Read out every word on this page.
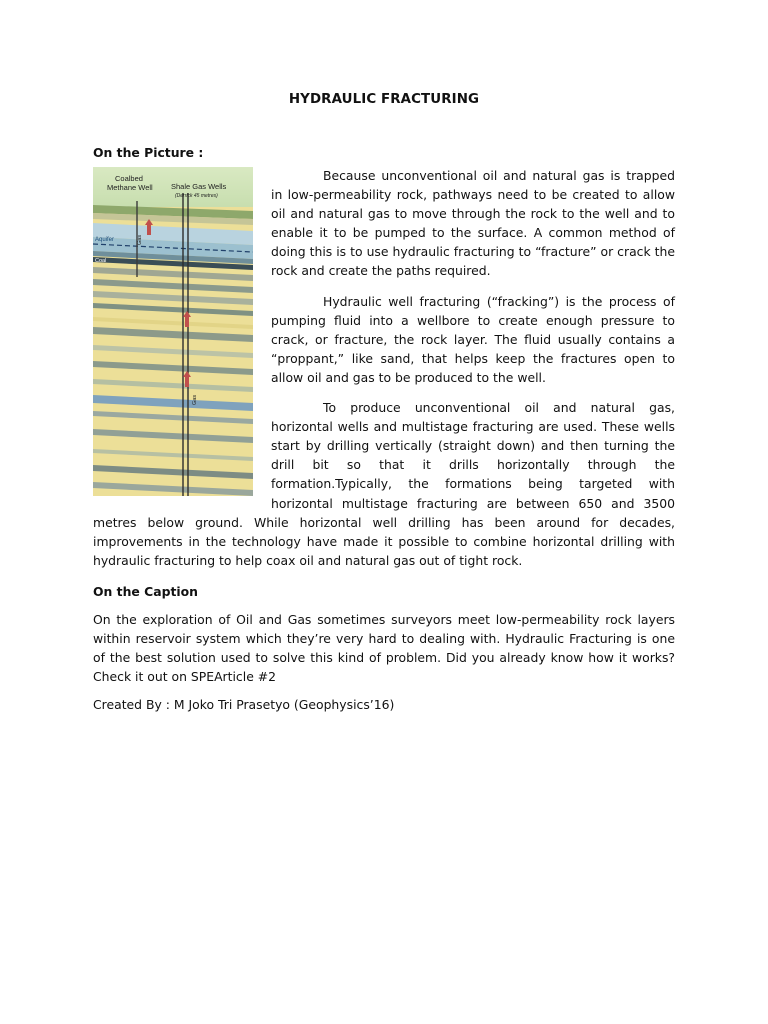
HYDRAULIC FRACTURING
On the Picture :
Coalbed
Methane Well Shale Gas Wells
(Derrick 45 metres)
Gas
Gas
Aquifer
Coal

Because unconventional oil and natural gas is trapped in low-permeability rock, pathways need to be created to allow oil and natural gas to move through the rock to the well and to enable it to be pumped to the surface. A common method of doing this is to use hydraulic fracturing to “fracture” or crack the rock and create the paths required.

Hydraulic well fracturing (“fracking”) is the process of pumping fluid into a wellbore to create enough pressure to crack, or fracture, the rock layer. The fluid usually contains a “proppant,” like sand, that helps keep the fractures open to allow oil and gas to be produced to the well.

To produce unconventional oil and natural gas, horizontal wells and multistage fracturing are used. These wells start by drilling vertically (straight down) and then turning the drill bit so that it drills horizontally through the formation.Typically, the formations being targeted with horizontal multistage fracturing are between 650 and 3500 metres below ground. While horizontal well drilling has been around for decades, improvements in the technology have made it possible to combine horizontal drilling with hydraulic fracturing to help coax oil and natural gas out of tight rock.

On the Caption

On the exploration of Oil and Gas sometimes surveyors meet low-permeability rock layers within reservoir system which they’re very hard to dealing with. Hydraulic Fracturing is one of the best solution used to solve this kind of problem. Did you already know how it works? Check it out on SPEArticle #2

Created By : M Joko Tri Prasetyo (Geophysics’16)
